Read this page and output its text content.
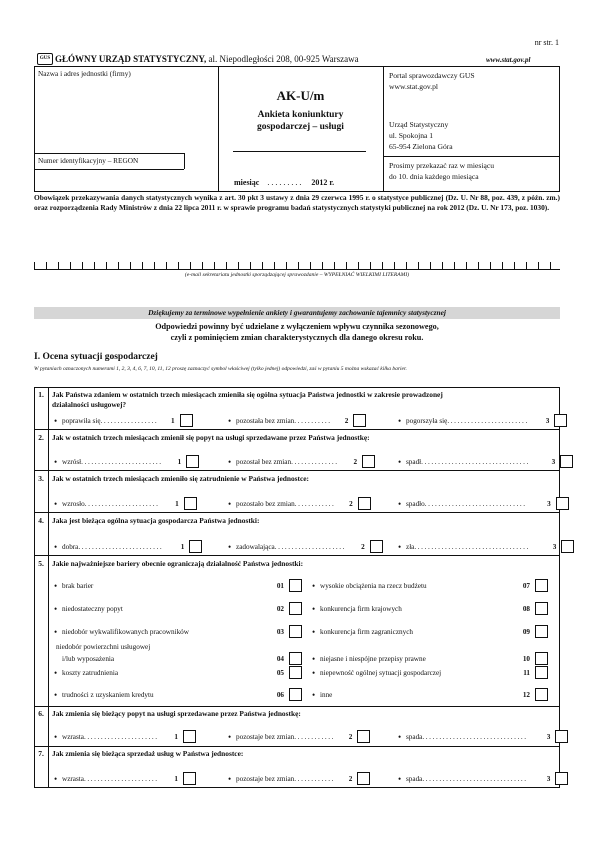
nr str. 1
GUS GŁÓWNY URZĄD STATYSTYCZNY, al. Niepodległości 208, 00-925 Warszawa	www.stat.gov.pl
Nazwa i adres jednostki (firmy)
Numer identyfikacyjny – REGON
AK-U/m
Ankieta koniunktury
gospodarczej – usługi
miesiąc . . . . . . . . . 2012 r.
Portal sprawozdawczy GUS
www.stat.gov.pl
Urząd Statystyczny
ul. Spokojna 1
65-954 Zielona Góra
Prosimy przekazać raz w miesiącu
do 10. dnia każdego miesiąca
Obowiązek przekazywania danych statystycznych wynika z art. 30 pkt 3 ustawy z dnia 29 czerwca 1995 r. o statystyce publicznej (Dz. U. Nr 88, poz. 439, z późn. zm.) oraz rozporządzenia Rady Ministrów z dnia 22 lipca 2011 r. w sprawie programu badań statystycznych statystyki publicznej na rok 2012 (Dz. U. Nr 173, poz. 1030).
(e-mail sekretariatu jednostki sporządzającej sprawozdanie – WYPEŁNIAĆ WIELKIMI LITERAMI)
Dziękujemy za terminowe wypełnienie ankiety i gwarantujemy zachowanie tajemnicy statystycznej
Odpowiedzi powinny być udzielane z wyłączeniem wpływu czynnika sezonowego,
czyli z pominięciem zmian charakterystycznych dla danego okresu roku.
I. Ocena sytuacji gospodarczej
W pytaniach oznaczonych numerami 1, 2, 3, 4, 6, 7, 10, 11, 12 proszę zaznaczyć symbol właściwej (tylko jednej) odpowiedzi, zaś w pytaniu 5 można wskazać kilka barier.
1.	Jak Państwa zdaniem w ostatnich trzech miesiącach zmieniła się ogólna sytuacja Państwa jednostki w zakresie prowadzonej
działalności usługowej?
• poprawiła się .................	1	• pozostała bez zmian ...........	2	• pogorszyła się ........................	3
2.	Jak w ostatnich trzech miesiącach zmienił się popyt na usługi sprzedawane przez Państwa jednostkę:
• wzrósł ........................	1	• pozostał bez zmian ..............	2	• spadł ................................	3
3.	Jak w ostatnich trzech miesiącach zmieniło się zatrudnienie w Państwa jednostce:
• wzrosło ......................	1	• pozostało bez zmian ............	2	• spadło ..............................	3
4.	Jaka jest bieżąca ogólna sytuacja gospodarcza Państwa jednostki:
• dobra .........................	1	• zadowalająca .....................	2	• zła ..................................	3
5.	Jakie najważniejsze bariery obecnie ograniczają działalność Państwa jednostki:
• brak barier	01
• niedostateczny popyt	02
• niedobór wykwalifikowanych pracowników	03
niedobór powierzchni usługowej

i/lub wyposażenia	04
• koszty zatrudnienia	05
• trudności z uzyskaniem kredytu	06
• wysokie obciążenia na rzecz budżetu	07
• konkurencja firm krajowych	08
• konkurencja firm zagranicznych	09
• niejasne i niespójne przepisy prawne	10
• niepewność ogólnej sytuacji gospodarczej	11
• inne	12
6.	Jak zmienia się bieżący popyt na usługi sprzedawane przez Państwa jednostkę:
• wzrasta ......................	1	• pozostaje bez zmian ............	2	• spada ...............................	3
7.	Jak zmienia się bieżąca sprzedaż usług w Państwa jednostce:
• wzrasta ......................	1	• pozostaje bez zmian ............	2	• spada ...............................	3
